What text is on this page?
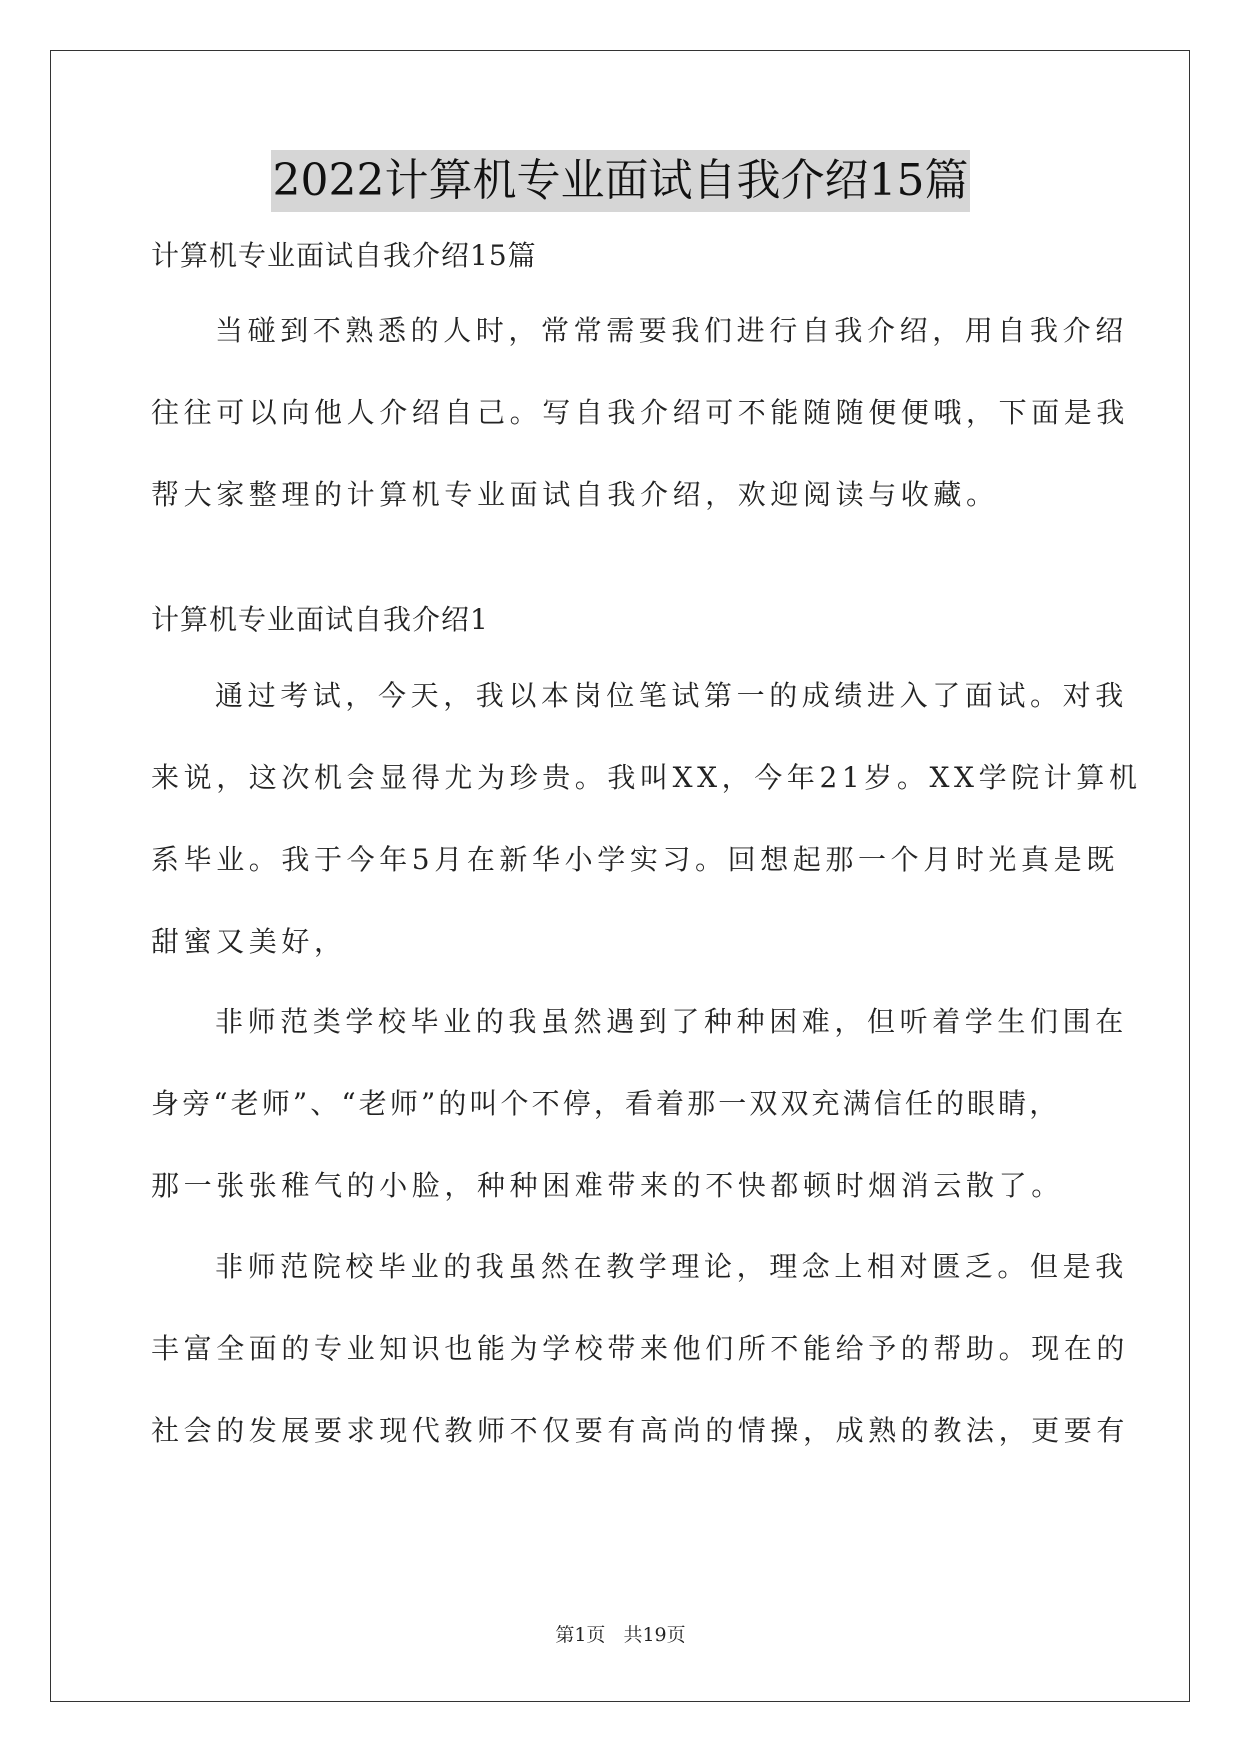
2022计算机专业面试自我介绍15篇
计算机专业面试自我介绍15篇
当碰到不熟悉的人时，常常需要我们进行自我介绍，用自我介绍
往往可以向他人介绍自己。写自我介绍可不能随随便便哦，下面是我
帮大家整理的计算机专业面试自我介绍，欢迎阅读与收藏。
计算机专业面试自我介绍1
通过考试，今天，我以本岗位笔试第一的成绩进入了面试。对我
来说，这次机会显得尤为珍贵。我叫XX，今年21岁。XX学院计算机
系毕业。我于今年5月在新华小学实习。回想起那一个月时光真是既
甜蜜又美好，
非师范类学校毕业的我虽然遇到了种种困难，但听着学生们围在
身旁“老师”、“老师”的叫个不停，看着那一双双充满信任的眼睛，
那一张张稚气的小脸，种种困难带来的不快都顿时烟消云散了。
非师范院校毕业的我虽然在教学理论，理念上相对匮乏。但是我
丰富全面的专业知识也能为学校带来他们所不能给予的帮助。现在的
社会的发展要求现代教师不仅要有高尚的情操，成熟的教法，更要有
第1页 共19页
